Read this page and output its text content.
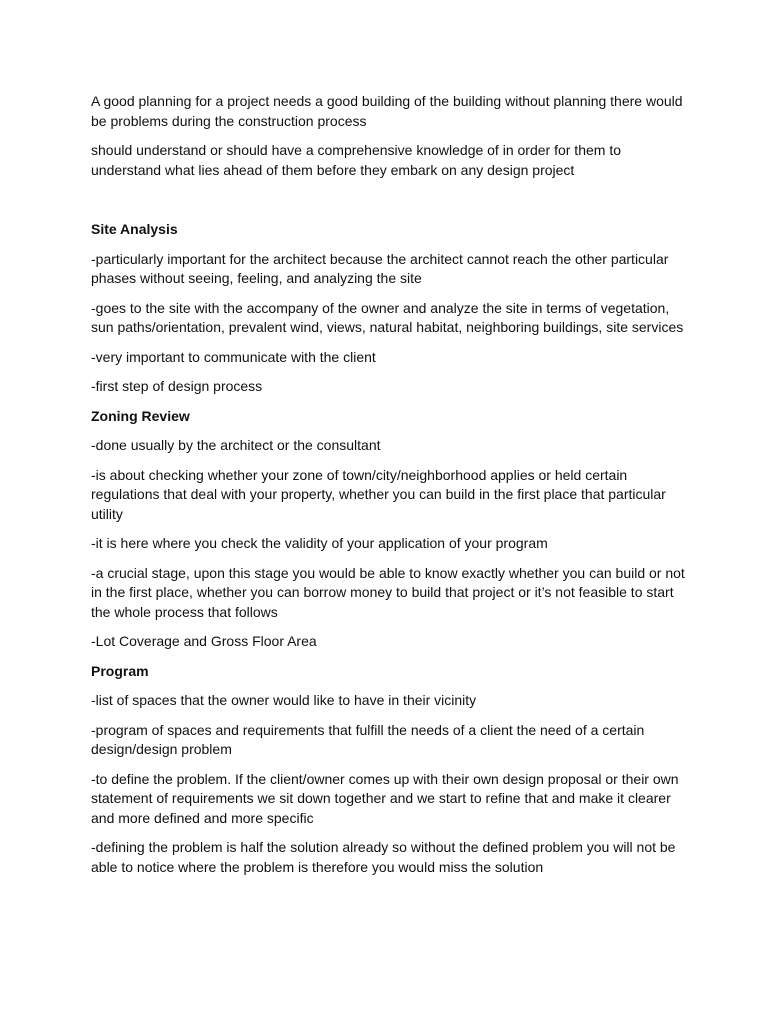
A good planning for a project needs a good building of the building without planning there would be problems during the construction process

should understand or should have a comprehensive knowledge of in order for them to understand what lies ahead of them before they embark on any design project

Site Analysis

-particularly important for the architect because the architect cannot reach the other particular phases without seeing, feeling, and analyzing the site

-goes to the site with the accompany of the owner and analyze the site in terms of vegetation, sun paths/orientation, prevalent wind, views, natural habitat, neighboring buildings, site services

-very important to communicate with the client

-first step of design process

Zoning Review

-done usually by the architect or the consultant

-is about checking whether your zone of town/city/neighborhood applies or held certain regulations that deal with your property, whether you can build in the first place that particular utility

-it is here where you check the validity of your application of your program

-a crucial stage, upon this stage you would be able to know exactly whether you can build or not in the first place, whether you can borrow money to build that project or it’s not feasible to start the whole process that follows

-Lot Coverage and Gross Floor Area

Program

-list of spaces that the owner would like to have in their vicinity

-program of spaces and requirements that fulfill the needs of a client the need of a certain design/design problem

-to define the problem. If the client/owner comes up with their own design proposal or their own statement of requirements we sit down together and we start to refine that and make it clearer and more defined and more specific

-defining the problem is half the solution already so without the defined problem you will not be able to notice where the problem is therefore you would miss the solution
